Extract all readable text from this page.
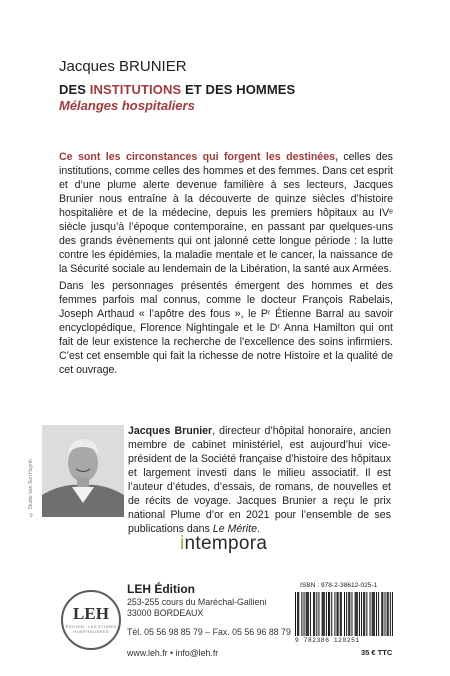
Jacques BRUNIER
DES INSTITUTIONS ET DES HOMMES
Mélanges hospitaliers
Ce sont les circonstances qui forgent les destinées, celles des institutions, comme celles des hommes et des femmes. Dans cet esprit et d’une plume alerte devenue familière à ses lecteurs, Jacques Brunier nous entraîne à la découverte de quinze siècles d’histoire hospitalière et de la médecine, depuis les premiers hôpitaux au IVᵉ siècle jusqu’à l’époque contemporaine, en passant par quelques-uns des grands évènements qui ont jalonné cette longue période : la lutte contre les épidémies, la maladie mentale et le cancer, la naissance de la Sécurité sociale au lendemain de la Libération, la santé aux Armées.
Dans les personnages présentés émergent des hommes et des femmes parfois mal connus, comme le docteur François Rabelais, Joseph Arthaud « l’apôtre des fous », le Pʳ Étienne Barral au savoir encyclopédique, Florence Nightingale et le Dʳ Anna Hamilton qui ont fait de leur existence la recherche de l’excellence des soins infirmiers. C’est cet ensemble qui fait la richesse de notre Histoire et la qualité de cet ouvrage.
© Studio Van Son Huynh
Jacques Brunier, directeur d’hôpital honoraire, ancien membre de cabinet ministériel, est aujourd’hui vice-président de la Société française d’histoire des hôpitaux et largement investi dans le milieu associatif. Il est l’auteur d’études, d’essais, de romans, de nouvelles et de récits de voyage. Jacques Brunier a reçu le prix national Plume d’or en 2021 pour l’ensemble de ses publications dans Le Mérite.
intempora
LEH
ÉDITION · LES ÉTUDES HOSPITALIÈRES
LEH Édition
253-255 cours du Maréchal-Gallieni
33000 BORDEAUX
Tél. 05 56 98 85 79 – Fax. 05 56 96 88 79
www.leh.fr • info@leh.fr
ISBN : 978-2-38612-025-1
9 782386 120251
35 € TTC
